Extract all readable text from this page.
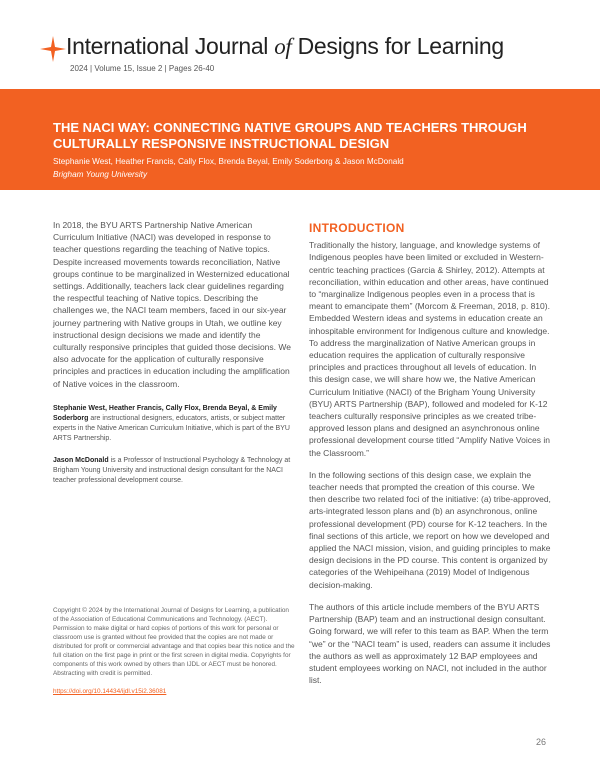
International Journal of Designs for Learning
2024 | Volume 15, Issue 2 | Pages 26-40
THE NACI WAY: CONNECTING NATIVE GROUPS AND TEACHERS THROUGH CULTURALLY RESPONSIVE INSTRUCTIONAL DESIGN
Stephanie West, Heather Francis, Cally Flox, Brenda Beyal, Emily Soderborg & Jason McDonald
Brigham Young University

In 2018, the BYU ARTS Partnership Native American Curriculum Initiative (NACI) was developed in response to teacher questions regarding the teaching of Native topics. Despite increased movements towards reconciliation, Native groups continue to be marginalized in Westernized educational settings. Additionally, teachers lack clear guidelines regarding the respectful teaching of Native topics. Describing the challenges we, the NACI team members, faced in our six-year journey partnering with Native groups in Utah, we outline key instructional design decisions we made and identify the culturally responsive principles that guided those decisions. We also advocate for the application of culturally responsive principles and practices in education including the amplification of Native voices in the classroom.

Stephanie West, Heather Francis, Cally Flox, Brenda Beyal, & Emily Soderborg are instructional designers, educators, artists, or subject matter experts in the Native American Curriculum Initiative, which is part of the BYU ARTS Partnership.
Jason McDonald is a Professor of Instructional Psychology & Technology at Brigham Young University and instructional design consultant for the NACI teacher professional development course.
Copyright © 2024 by the International Journal of Designs for Learning, a publication of the Association of Educational Communications and Technology. (AECT). Permission to make digital or hard copies of portions of this work for personal or classroom use is granted without fee provided that the copies are not made or distributed for profit or commercial advantage and that copies bear this notice and the full citation on the first page in print or the first screen in digital media. Copyrights for components of this work owned by others than IJDL or AECT must be honored. Abstracting with credit is permitted.
https://doi.org/10.14434/ijdl.v15i2.36081
INTRODUCTION

Traditionally the history, language, and knowledge systems of Indigenous peoples have been limited or excluded in Western-centric teaching practices (Garcia & Shirley, 2012). Attempts at reconciliation, within education and other areas, have continued to “marginalize Indigenous peoples even in a process that is meant to emancipate them” (Morcom & Freeman, 2018, p. 810). Embedded Western ideas and systems in education create an inhospitable environment for Indigenous culture and knowledge. To address the marginalization of Native American groups in education requires the application of culturally responsive principles and practices throughout all levels of education. In this design case, we will share how we, the Native American Curriculum Initiative (NACI) of the Brigham Young University (BYU) ARTS Partnership (BAP), followed and modeled for K-12 teachers culturally responsive principles as we created tribe-approved lesson plans and designed an asynchronous online professional development course titled “Amplify Native Voices in the Classroom.”

In the following sections of this design case, we explain the teacher needs that prompted the creation of this course. We then describe two related foci of the initiative: (a) tribe-approved, arts-integrated lesson plans and (b) an asynchronous, online professional development (PD) course for K-12 teachers. In the final sections of this article, we report on how we developed and applied the NACI mission, vision, and guiding principles to make design decisions in the PD course. This content is organized by categories of the Wehipeihana (2019) Model of Indigenous decision-making.

The authors of this article include members of the BYU ARTS Partnership (BAP) team and an instructional design consultant. Going forward, we will refer to this team as BAP. When the term “we” or the “NACI team” is used, readers can assume it includes the authors as well as approximately 12 BAP employees and student employees working on NACI, not included in the author list.

26
